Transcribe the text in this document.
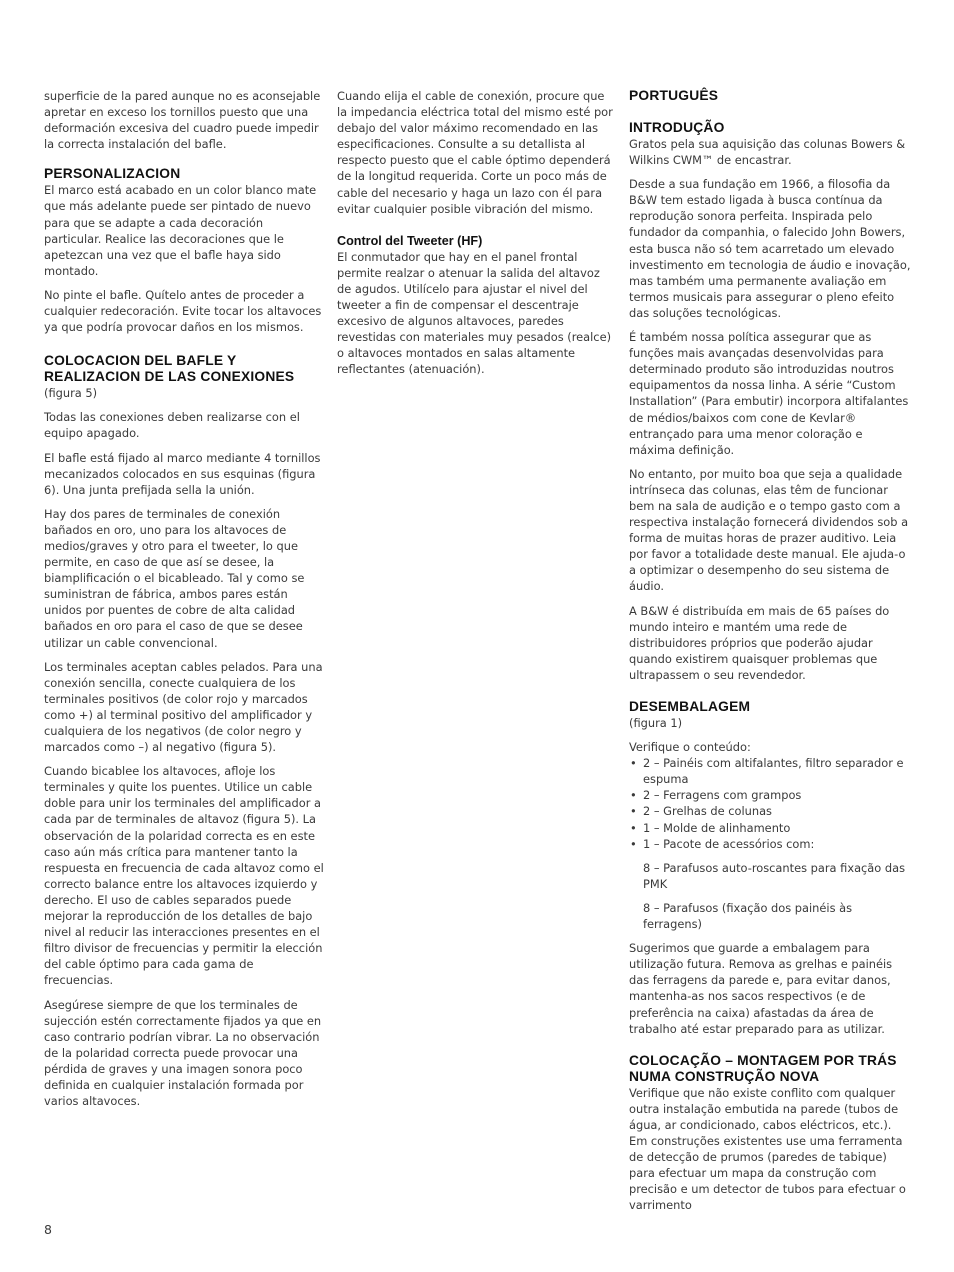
superficie de la pared aunque no es aconsejable apretar en exceso los tornillos puesto que una deformación excesiva del cuadro puede impedir la correcta instalación del bafle.

PERSONALIZACION

El marco está acabado en un color blanco mate que más adelante puede ser pintado de nuevo para que se adapte a cada decoración particular. Realice las decoraciones que le apetezcan una vez que el bafle haya sido montado.

No pinte el bafle. Quítelo antes de proceder a cualquier redecoración. Evite tocar los altavoces ya que podría provocar daños en los mismos.

COLOCACION DEL BAFLE Y REALIZACION DE LAS CONEXIONES

(figura 5)

Todas las conexiones deben realizarse con el equipo apagado.

El bafle está fijado al marco mediante 4 tornillos mecanizados colocados en sus esquinas (figura 6). Una junta prefijada sella la unión.

Hay dos pares de terminales de conexión bañados en oro, uno para los altavoces de medios/graves y otro para el tweeter, lo que permite, en caso de que así se desee, la biamplificación o el bicableado. Tal y como se suministran de fábrica, ambos pares están unidos por puentes de cobre de alta calidad bañados en oro para el caso de que se desee utilizar un cable convencional.

Los terminales aceptan cables pelados. Para una conexión sencilla, conecte cualquiera de los terminales positivos (de color rojo y marcados como +) al terminal positivo del amplificador y cualquiera de los negativos (de color negro y marcados como –) al negativo (figura 5).

Cuando bicablee los altavoces, afloje los terminales y quite los puentes. Utilice un cable doble para unir los terminales del amplificador a cada par de terminales de altavoz (figura 5). La observación de la polaridad correcta es en este caso aún más crítica para mantener tanto la respuesta en frecuencia de cada altavoz como el correcto balance entre los altavoces izquierdo y derecho. El uso de cables separados puede mejorar la reproducción de los detalles de bajo nivel al reducir las interacciones presentes en el filtro divisor de frecuencias y permitir la elección del cable óptimo para cada gama de frecuencias.

Asegúrese siempre de que los terminales de sujección estén correctamente fijados ya que en caso contrario podrían vibrar. La no observación de la polaridad correcta puede provocar una pérdida de graves y una imagen sonora poco definida en cualquier instalación formada por varios altavoces.

Cuando elija el cable de conexión, procure que la impedancia eléctrica total del mismo esté por debajo del valor máximo recomendado en las especificaciones. Consulte a su detallista al respecto puesto que el cable óptimo dependerá de la longitud requerida. Corte un poco más de cable del necesario y haga un lazo con él para evitar cualquier posible vibración del mismo.

Control del Tweeter (HF)

El conmutador que hay en el panel frontal permite realzar o atenuar la salida del altavoz de agudos. Utilícelo para ajustar el nivel del tweeter a fin de compensar el descentraje excesivo de algunos altavoces, paredes revestidas con materiales muy pesados (realce) o altavoces montados en salas altamente reflectantes (atenuación).

PORTUGUÊS
INTRODUÇÃO

Gratos pela sua aquisição das colunas Bowers & Wilkins CWM™ de encastrar.

Desde a sua fundação em 1966, a filosofia da B&W tem estado ligada à busca contínua da reprodução sonora perfeita. Inspirada pelo fundador da companhia, o falecido John Bowers, esta busca não só tem acarretado um elevado investimento em tecnologia de áudio e inovação, mas também uma permanente avaliação em termos musicais para assegurar o pleno efeito das soluções tecnológicas.

É também nossa política assegurar que as funções mais avançadas desenvolvidas para determinado produto são introduzidas noutros equipamentos da nossa linha. A série “Custom Installation” (Para embutir) incorpora altifalantes de médios/baixos com cone de Kevlar® entrançado para uma menor coloração e máxima definição.

No entanto, por muito boa que seja a qualidade intrínseca das colunas, elas têm de funcionar bem na sala de audição e o tempo gasto com a respectiva instalação fornecerá dividendos sob a forma de muitas horas de prazer auditivo. Leia por favor a totalidade deste manual. Ele ajuda-o a optimizar o desempenho do seu sistema de áudio.

A B&W é distribuída em mais de 65 países do mundo inteiro e mantém uma rede de distribuidores próprios que poderão ajudar quando existirem quaisquer problemas que ultrapassem o seu revendedor.

DESEMBALAGEM

(figura 1)

Verifique o conteúdo:
• 2 – Painéis com altifalantes, filtro separador e espuma
• 2 – Ferragens com grampos
• 2 – Grelhas de colunas
• 1 – Molde de alinhamento
• 1 – Pacote de acessórios com:

8 – Parafusos auto-roscantes para fixação das PMK

8 – Parafusos (fixação dos painéis às ferragens)

Sugerimos que guarde a embalagem para utilização futura. Remova as grelhas e painéis das ferragens da parede e, para evitar danos, mantenha-as nos sacos respectivos (e de preferência na caixa) afastadas da área de trabalho até estar preparado para as utilizar.

COLOCAÇÃO – MONTAGEM POR TRÁS NUMA CONSTRUÇÃO NOVA

Verifique que não existe conflito com qualquer outra instalação embutida na parede (tubos de água, ar condicionado, cabos eléctricos, etc.). Em construções existentes use uma ferramenta de detecção de prumos (paredes de tabique) para efectuar um mapa da construção com precisão e um detector de tubos para efectuar o varrimento

8
